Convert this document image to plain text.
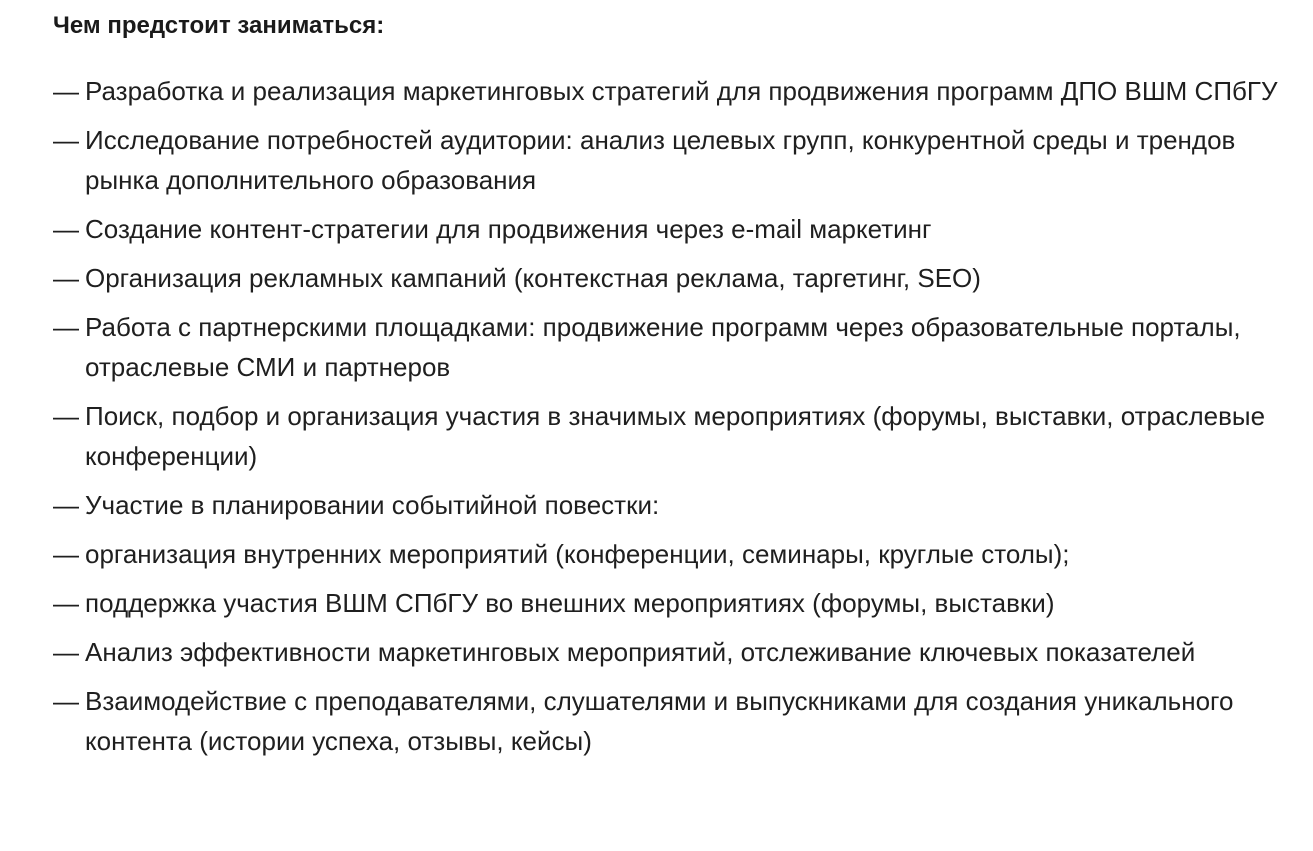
Чем предстоит заниматься:
— Разработка и реализация маркетинговых стратегий для продвижения программ ДПО ВШМ СПбГУ
— Исследование потребностей аудитории: анализ целевых групп, конкурентной среды и трендов рынка дополнительного образования
— Создание контент-стратегии для продвижения через e-mail маркетинг
— Организация рекламных кампаний (контекстная реклама, таргетинг, SEO)
— Работа с партнерскими площадками: продвижение программ через образовательные порталы, отраслевые СМИ и партнеров
— Поиск, подбор и организация участия в значимых мероприятиях (форумы, выставки, отраслевые конференции)
— Участие в планировании событийной повестки:
— организация внутренних мероприятий (конференции, семинары, круглые столы);
— поддержка участия ВШМ СПбГУ во внешних мероприятиях (форумы, выставки)
— Анализ эффективности маркетинговых мероприятий, отслеживание ключевых показателей
— Взаимодействие с преподавателями, слушателями и выпускниками для создания уникального контента (истории успеха, отзывы, кейсы)
